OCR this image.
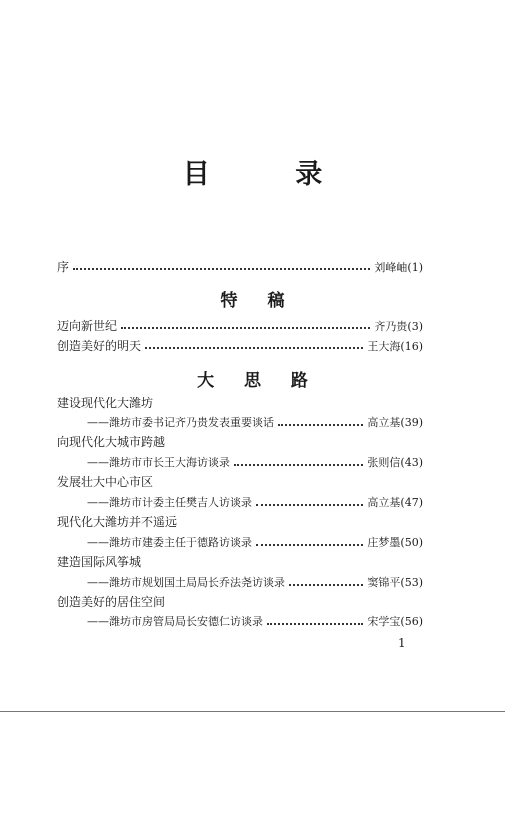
目 录
序	刘峰岫 (1)
特 稿
迈向新世纪	齐乃贵 (3)
创造美好的明天	王大海 (16)
大 思 路
建设现代化大潍坊
——潍坊市委书记齐乃贵发表重要谈话	高立基 (39)
向现代化大城市跨越
——潍坊市市长王大海访谈录	张则信 (43)
发展壮大中心市区
——潍坊市计委主任樊吉人访谈录	高立基 (47)
现代化大潍坊并不遥远
——潍坊市建委主任于德路访谈录	庄梦墨 (50)
建造国际风筝城
——潍坊市规划国土局局长乔法尧访谈录	窦锦平 (53)
创造美好的居住空间
——潍坊市房管局局长安德仁访谈录	宋学宝 (56)
1
